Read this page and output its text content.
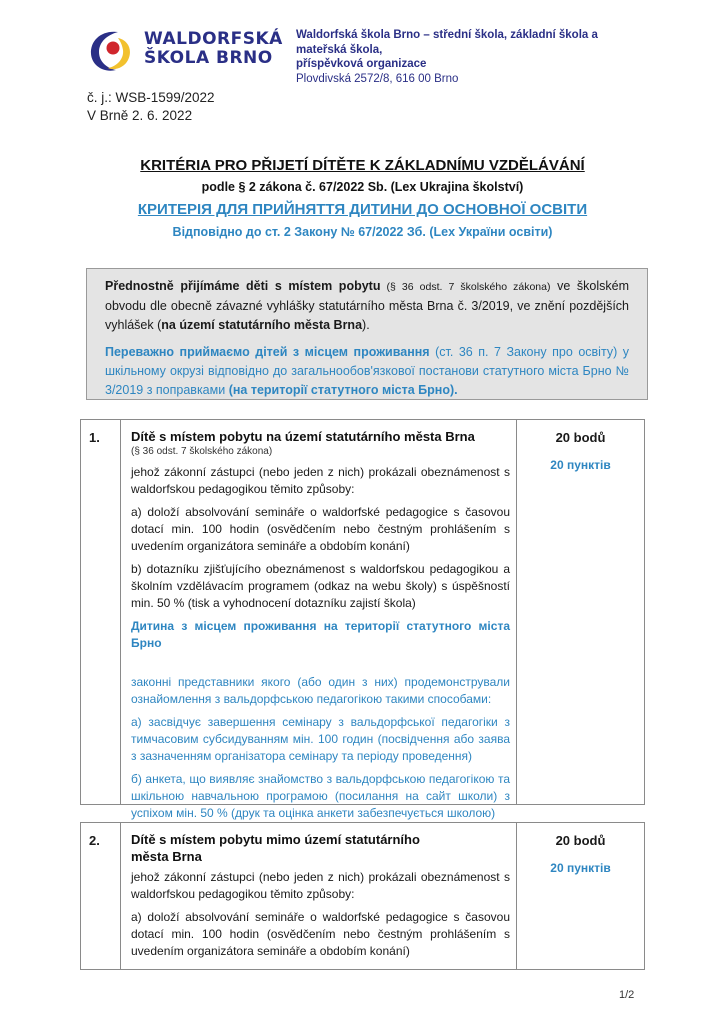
WALDORFSKÁ
ŠKOLA BRNO
Waldorfská škola Brno – střední škola, základní škola a mateřská škola,
příspěvková organizace
Plovdivská 2572/8, 616 00 Brno
č. j.: WSB-1599/2022
V Brně 2. 6. 2022
KRITÉRIA PRO PŘIJETÍ DÍTĚTE K ZÁKLADNÍMU VZDĚLÁVÁNÍ
podle § 2 zákona č. 67/2022 Sb. (Lex Ukrajina školství)
КРИТЕРІЯ ДЛЯ ПРИЙНЯТТЯ ДИТИНИ ДО ОСНОВНОЇ ОСВІТИ
Відповідно до ст. 2 Закону № 67/2022 Зб. (Lex України освіти)

Přednostně přijímáme děti s místem pobytu (§ 36 odst. 7 školského zákona) ve školském obvodu dle obecně závazné vyhlášky statutárního města Brna č. 3/2019, ve znění pozdějších vyhlášek (na území statutárního města Brna).

Переважно приймаємо дітей з місцем проживання (ст. 36 п. 7 Закону про освіту) у шкільному окрузі відповідно до загальнообов'язкової постанови статутного міста Брно № 3/2019 з поправками (на території статутного міста Брно).

1.	Dítě s místem pobytu na území statutárního města Brna
(§ 36 odst. 7 školského zákona)
jehož zákonní zástupci (nebo jeden z nich) prokázali obeznámenost s waldorfskou pedagogikou těmito způsoby:
a) doloží absolvování semináře o waldorfské pedagogice s časovou dotací min. 100 hodin (osvědčením nebo čestným prohlášením s uvedením organizátora semináře a obdobím konání)
b) dotazníku zjišťujícího obeznámenost s waldorfskou pedagogikou a školním vzdělávacím programem (odkaz na webu školy) s úspěšností min. 50 % (tisk a vyhodnocení dotazníku zajistí škola)
Дитина з місцем проживання на території статутного міста Брно
законні представники якого (або один з них) продемонстрували ознайомлення з вальдорфською педагогікою такими способами:
а) засвідчує завершення семінару з вальдорфської педагогіки з тимчасовим субсидуванням мін. 100 годин (посвідчення або заява з зазначенням організатора семінару та періоду проведення)
б) анкета, що виявляє знайомство з вальдорфською педагогікою та шкільною навчальною програмою (посилання на сайт школи) з успіхом мін. 50 % (друк та оцінка анкети забезпечується школою)
20 bodů
20 пунктів
2.	Dítě s místem pobytu mimo území statutárního města Brna
jehož zákonní zástupci (nebo jeden z nich) prokázali obeznámenost s waldorfskou pedagogikou těmito způsoby:
a) doloží absolvování semináře o waldorfské pedagogice s časovou dotací min. 100 hodin (osvědčením nebo čestným prohlášením s uvedením organizátora semináře a obdobím konání)
20 bodů
20 пунктів
1/2
